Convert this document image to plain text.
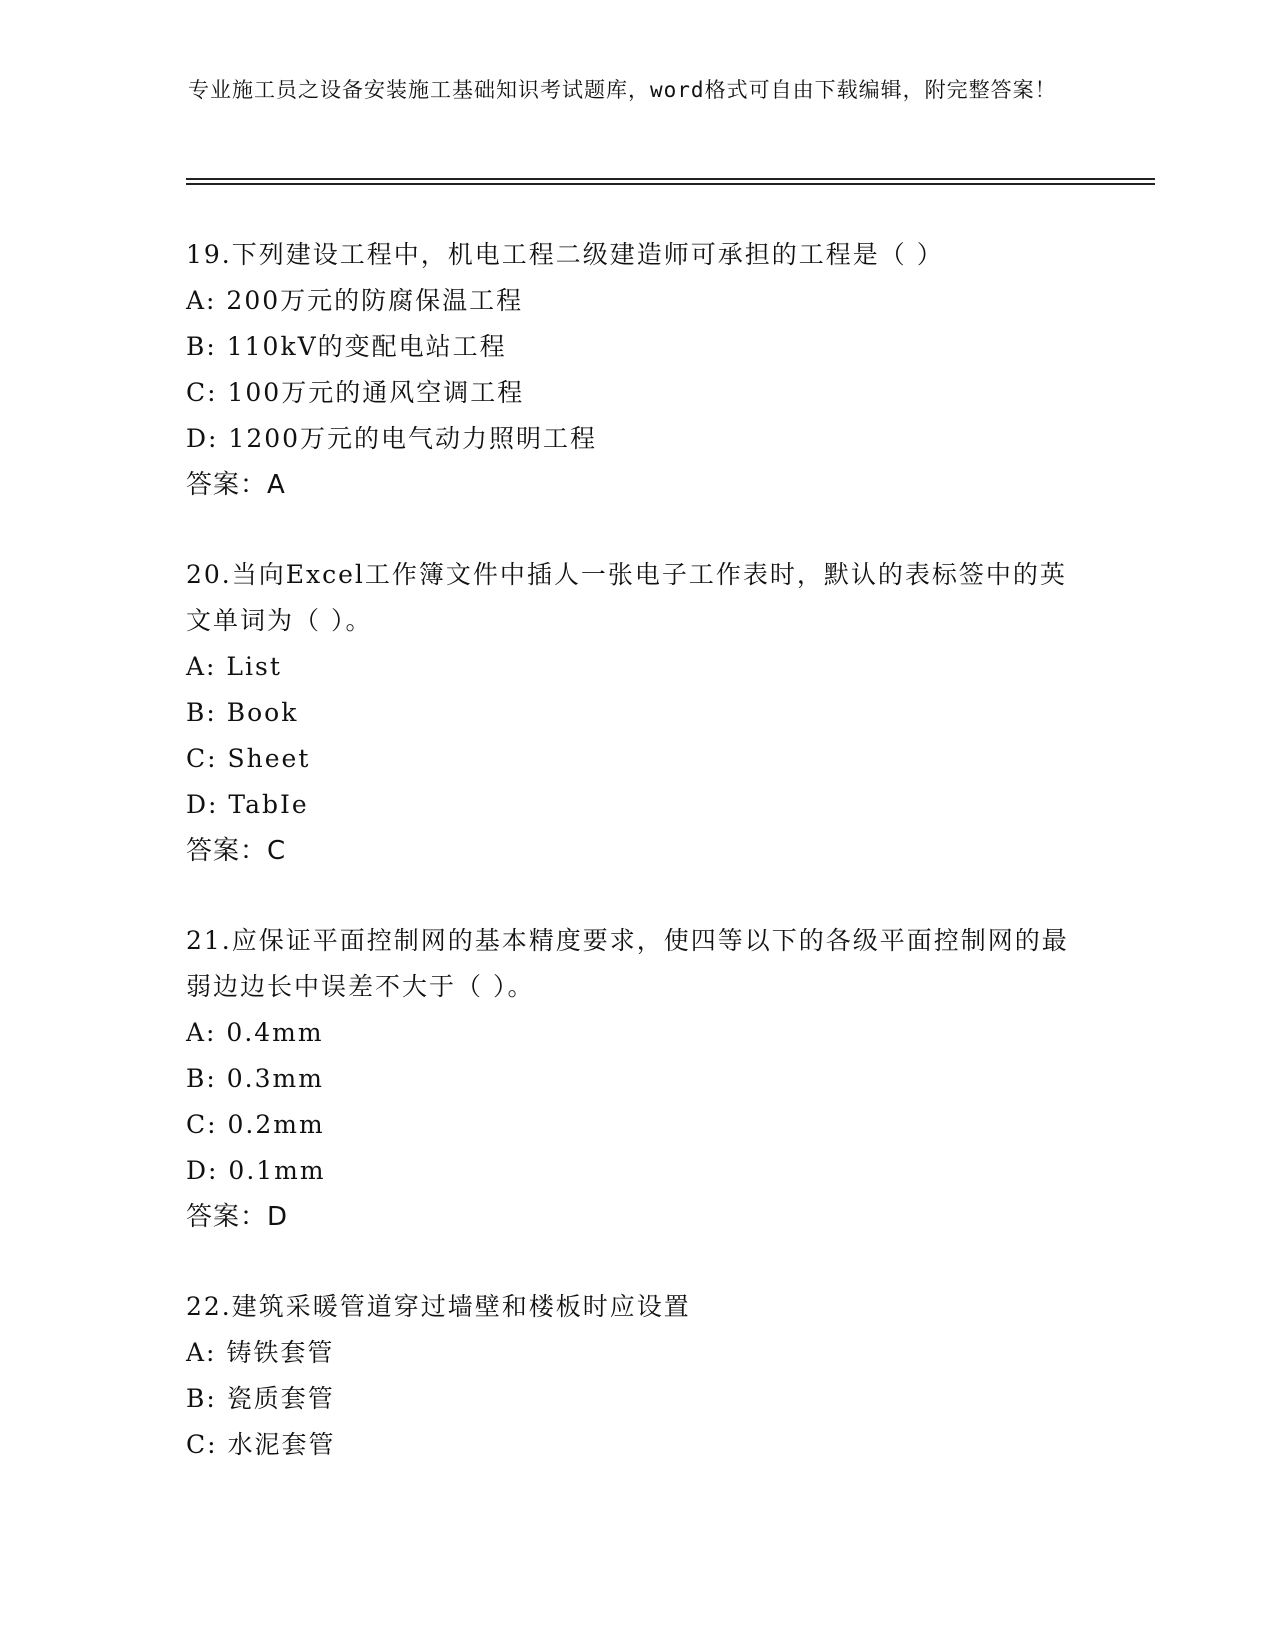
专业施工员之设备安装施工基础知识考试题库，word格式可自由下载编辑，附完整答案！
19.下列建设工程中，机电工程二级建造师可承担的工程是（ ）
A: 200万元的防腐保温工程
B: 110kV的变配电站工程
C: 100万元的通风空调工程
D: 1200万元的电气动力照明工程
答案：A
20.当向Excel工作簿文件中插人一张电子工作表时，默认的表标签中的英文单词为（ ）。
A: List
B: Book
C: Sheet
D: TabIe
答案：C
21.应保证平面控制网的基本精度要求，使四等以下的各级平面控制网的最弱边边长中误差不大于（ ）。
A: 0.4mm
B: 0.3mm
C: 0.2mm
D: 0.1mm
答案：D
22.建筑采暖管道穿过墙壁和楼板时应设置
A: 铸铁套管
B: 瓷质套管
C: 水泥套管
